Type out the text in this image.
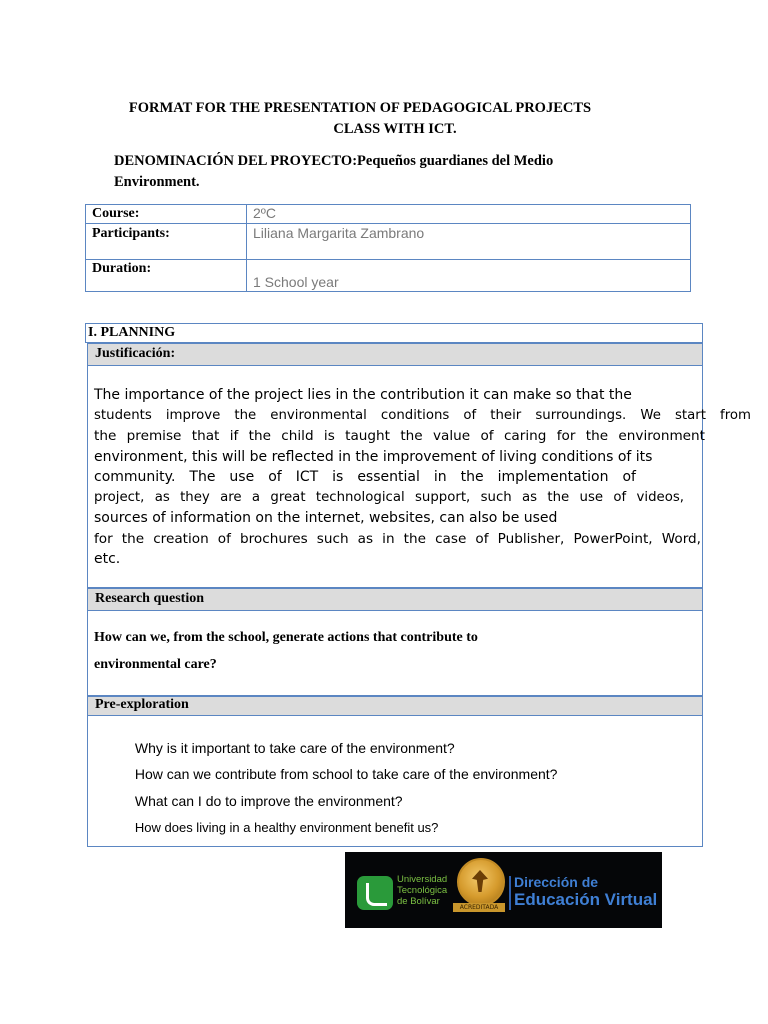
FORMAT FOR THE PRESENTATION OF PEDAGOGICAL PROJECTS
CLASS WITH ICT.
DENOMINACIÓN DEL PROYECTO:Pequeños guardianes del Medio
Environment.
Course:	2ºC
Participants:	Liliana Margarita Zambrano
Duration:
1 School year
I. PLANNING
Justificación:
The importance of the project lies in the contribution it can make so that the
students improve the environmental conditions of their surroundings. We start from
the premise that if the child is taught the value of caring for the environment
environment, this will be reflected in the improvement of living conditions of its
community. The use of ICT is essential in the implementation of
project, as they are a great technological support, such as the use of videos,
sources of information on the internet, websites, can also be used
for the creation of brochures such as in the case of Publisher, PowerPoint, Word,
etc.
Research question
How can we, from the school, generate actions that contribute to
environmental care?
Pre-exploration
Why is it important to take care of the environment?
How can we contribute from school to take care of the environment?
What can I do to improve the environment?
How does living in a healthy environment benefit us?
Universidad
Tecnológica
de Bolívar
ACREDITADA
Dirección de
Educación Virtual
